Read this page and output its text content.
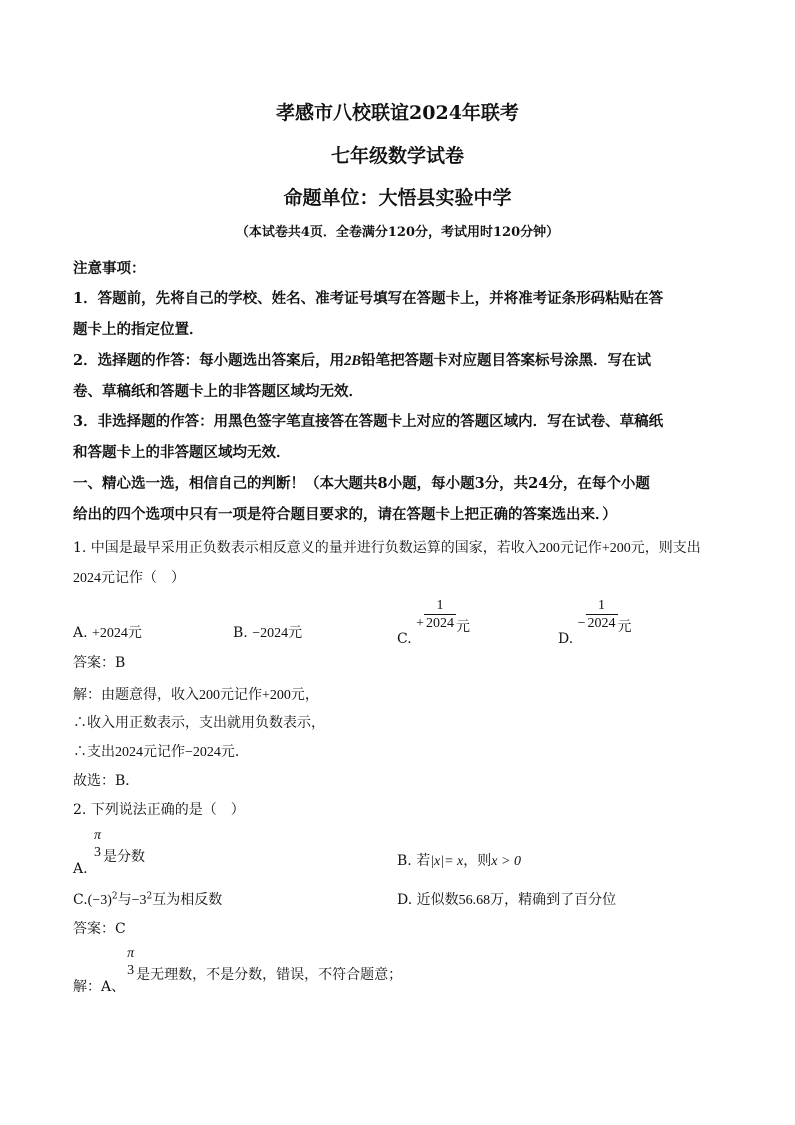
孝感市八校联谊2024年联考
七年级数学试卷
命题单位：大悟县实验中学
（本试卷共4页．全卷满分120分，考试用时120分钟）
注意事项：
1．答题前，先将自己的学校、姓名、准考证号填写在答题卡上，并将准考证条形码粘贴在答
题卡上的指定位置．
2．选择题的作答：每小题选出答案后，用2B铅笔把答题卡对应题目答案标号涂黑．写在试
卷、草稿纸和答题卡上的非答题区域均无效．
3．非选择题的作答：用黑色签字笔直接答在答题卡上对应的答题区域内．写在试卷、草稿纸
和答题卡上的非答题区域均无效．
一、精心选一选，相信自己的判断！（本大题共8小题，每小题3分，共24分，在每个小题
给出的四个选项中只有一项是符合题目要求的，请在答题卡上把正确的答案选出来．）
1. 中国是最早采用正负数表示相反意义的量并进行负数运算的国家，若收入200元记作+200元，则支出
2024元记作（　）
A. +2024元	B. −2024元	C. + $\frac{1}{2024}$ 元
D. − $\frac{1}{2024}$ 元
答案：B
解：由题意得，收入200元记作+200元，
∴收入用正数表示，支出就用负数表示，
∴支出2024元记作−2024元．
故选：B．
2. 下列说法正确的是（　）
A.
π
3 是分数	B. 若|x|= x，则x > 0
$C.(-3)^2$与$-3^2$互为相反数	D. 近似数56.68万，精确到了百分位
答案：C
解：A、
π
3 是无理数，不是分数，错误，不符合题意；
